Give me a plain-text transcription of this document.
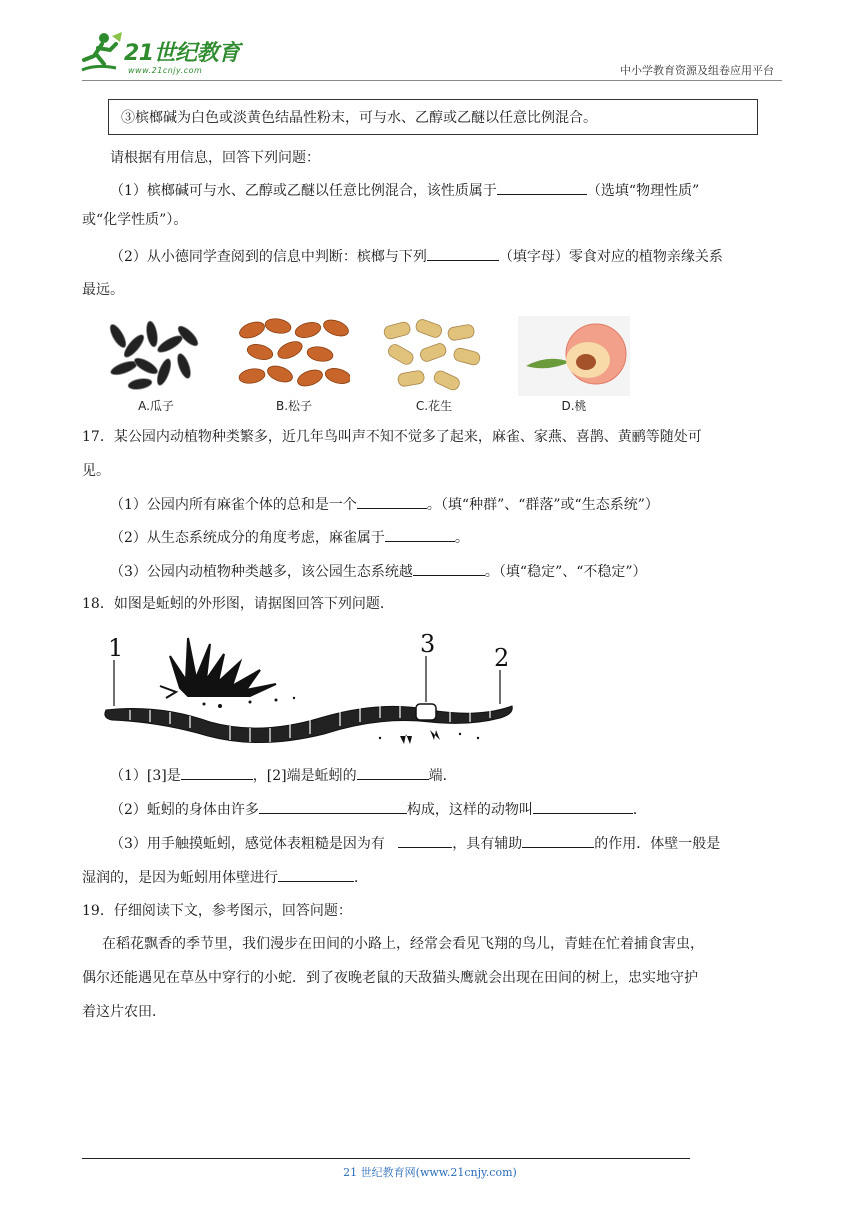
21世纪教育
www.21cnjy.com	中小学教育资源及组卷应用平台
③槟榔碱为白色或淡黄色结晶性粉末，可与水、乙醇或乙醚以任意比例混合。
请根据有用信息，回答下列问题：
（1）槟榔碱可与水、乙醇或乙醚以任意比例混合，该性质属于	（选填“物理性质”
或“化学性质”）。
（2）从小德同学查阅到的信息中判断：槟榔与下列	（填字母）零食对应的植物亲缘关系
最远。
A.瓜子	B.松子	C.花生	D.桃
17．某公园内动植物种类繁多，近几年鸟叫声不知不觉多了起来，麻雀、家燕、喜鹊、黄鹂等随处可
见。
（1）公园内所有麻雀个体的总和是一个	。（填“种群”、“群落”或“生态系统”）
（2）从生态系统成分的角度考虑，麻雀属于	。
（3）公园内动植物种类越多，该公园生态系统越	。（填“稳定”、“不稳定”）
18．如图是蚯蚓的外形图，请据图回答下列问题．
1	3 2
（1）[3]是	，[2]端是蚯蚓的	端．
（2）蚯蚓的身体由许多	构成，这样的动物叫	．
（3）用手触摸蚯蚓，感觉体表粗糙是因为有	，具有辅助	的作用．体壁一般是
湿润的，是因为蚯蚓用体壁进行	．
19．仔细阅读下文，参考图示，回答问题：
在稻花飘香的季节里，我们漫步在田间的小路上，经常会看见飞翔的鸟儿，青蛙在忙着捕食害虫，
偶尔还能遇见在草丛中穿行的小蛇．到了夜晚老鼠的天敌猫头鹰就会出现在田间的树上，忠实地守护
着这片农田．
21 世纪教育网(www.21cnjy.com)
